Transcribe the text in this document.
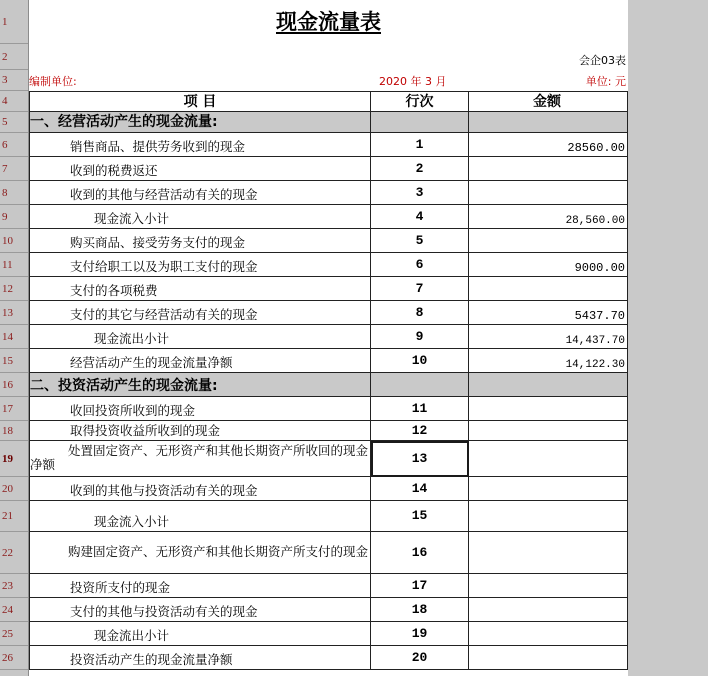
1
2
3
4
5
6
7
8
9
10
11
12
13
14
15
16
17
18
19
20
21
22
23
24
25
26
现金流量表
会企03表
编制单位:	2020 年 3 月	单位: 元
项 目	行次	金额
一、经营活动产生的现金流量:
销售商品、提供劳务收到的现金	1	28560.00
收到的税费返还	2
收到的其他与经营活动有关的现金	3
现金流入小计	4	28,560.00
购买商品、接受劳务支付的现金	5
支付给职工以及为职工支付的现金	6	9000.00
支付的各项税费	7
支付的其它与经营活动有关的现金	8	5437.70
现金流出小计	9	14,437.70
经营活动产生的现金流量净额	10	14,122.30
二、投资活动产生的现金流量:
收回投资所收到的现金	11
取得投资收益所收到的现金	12
处置固定资产、无形资产和其他长期资产所收回的现金净额	13
收到的其他与投资活动有关的现金	14
现金流入小计	15
购建固定资产、无形资产和其他长期资产所支付的现金	16
投资所支付的现金	17
支付的其他与投资活动有关的现金	18
现金流出小计	19
投资活动产生的现金流量净额	20
